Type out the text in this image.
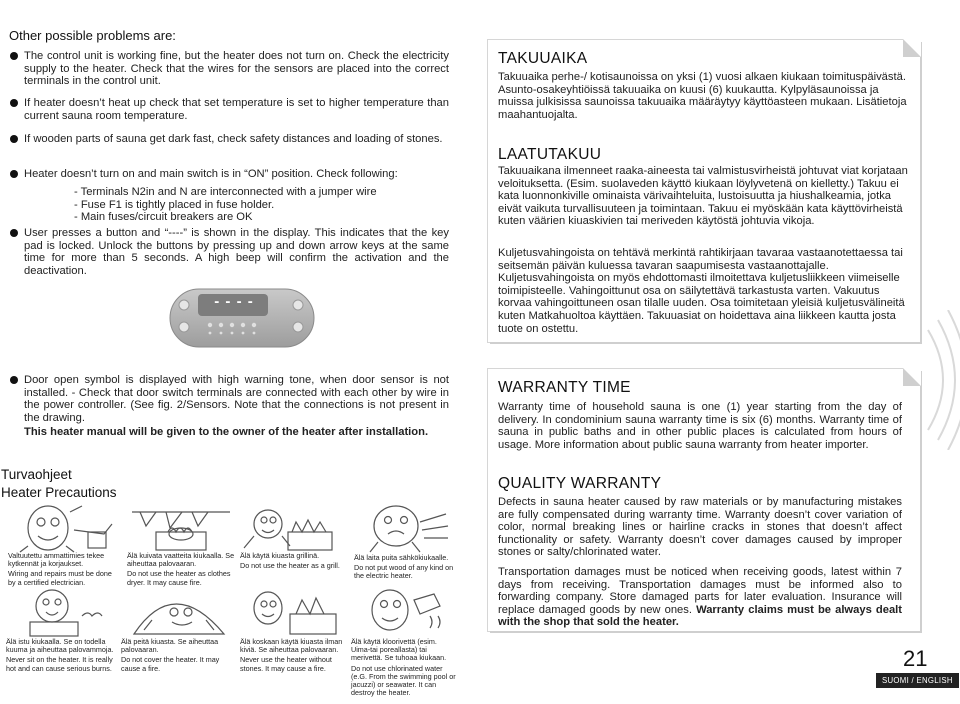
Other possible problems are:
The control unit is working fine, but the heater does not turn on. Check the electricity supply to the heater. Check that the wires for the sensors are placed into the correct terminals in the control unit.
If heater doesn’t heat up check that set temperature is set to higher temperature than current sauna room temperature.
If wooden parts of sauna get dark fast, check safety distances and loading of stones.
Heater doesn’t turn on and main switch is in “ON” position. Check following:
- Terminals N2in and N are interconnected with a jumper wire
- Fuse F1 is tightly placed in fuse holder.
- Main fuses/circuit breakers are OK
User presses a button and “----” is shown in the display. This indicates that the key pad is locked. Unlock the buttons by pressing up and down arrow keys at the same time for more than 5 seconds. A high beep will confirm the activation and the deactivation.
- - - -
Door open symbol is displayed with high warning tone, when door sensor is not installed. - Check that door switch terminals are connected with each other by wire in the power controller. (See fig. 2/Sensors. Note that the connections is not present in the drawing.
This heater manual will be given to the owner of the heater after installation.
Turvaohjeet
Heater Precautions
Valtuutettu ammattimies tekee kytkennät ja korjaukset.
Wiring and repairs must be done by a certified electrician.
Älä kuivata vaatteita kiukaalla. Se aiheuttaa palovaaran.
Do not use the heater as clothes dryer. It may cause fire.
Älä käytä kiuasta grillinä.
Do not use the heater as a grill.
Älä laita puita sähkökiukaalle.
Do not put wood of any kind on the electric heater.
Älä istu kiukaalla. Se on todella kuuma ja aiheuttaa palovammoja.
Never sit on the heater. It is really hot and can cause serious burns.
Älä peitä kiuasta. Se aiheuttaa palovaaran.
Do not cover the heater. It may cause a fire.
Älä koskaan käytä kiuasta ilman kiviä. Se aiheuttaa palovaaran.
Never use the heater without stones. It may cause a fire.
Älä käytä kloorivettä (esim. Uima-tai poreallasta) tai merivettä. Se tuhoaa kiukaan.
Do not use chlorinated water (e.G. From the swimming pool or jacuzzi) or seawater. It can destroy the heater.
TAKUUAIKA
Takuuaika perhe-/ kotisaunoissa on yksi (1) vuosi alkaen kiukaan toimituspäivästä. Asunto-osakeyhtiöissä takuuaika on kuusi (6) kuukautta. Kylpyläsaunoissa ja muissa julkisissa saunoissa takuuaika määräytyy käyttöasteen mukaan. Lisätietoja maahantuojalta.
LAATUTAKUU
Takuuaikana ilmenneet raaka-aineesta tai valmistusvirheistä johtuvat viat korjataan veloituksetta. (Esim. suolaveden käyttö kiukaan löylyvetenä on kielletty.) Takuu ei kata luonnonkiville ominaista värivaihteluita, lustoisuutta ja hiushalkeamia, jotka eivät vaikuta turvallisuuteen ja toimintaan. Takuu ei myöskään kata käyttövirheistä kuten väärien kiuaskivien tai meriveden käytöstä johtuvia vikoja.
Kuljetusvahingoista on tehtävä merkintä rahtikirjaan tavaraa vastaanotettaessa tai seitsemän päivän kuluessa tavaran saapumisesta vastaanottajalle. Kuljetusvahingoista on myös ehdottomasti ilmoitettava kuljetusliikkeen viimeiselle toimipisteelle. Vahingoittunut osa on säilytettävä tarkastusta varten. Vakuutus korvaa vahingoittuneen osan tilalle uuden. Osa toimitetaan yleisiä kuljetusvälineitä kuten Matkahuoltoa käyttäen. Takuuasiat on hoidettava aina liikkeen kautta josta tuote on ostettu.
WARRANTY TIME
Warranty time of household sauna is one (1) year starting from the day of delivery. In condominium sauna warranty time is six (6) months. Warranty time of sauna in public baths and in other public places is calculated from hours of usage. More information about public sauna warranty from heater importer.
QUALITY WARRANTY
Defects in sauna heater caused by raw materials or by manufacturing mistakes are fully compensated during warranty time. Warranty doesn’t cover variation of color, normal breaking lines or hairline cracks in stones that doesn’t affect functionality or safety. Warranty doesn’t cover damages caused by improper stones or salty/chlorinated water.
Transportation damages must be noticed when receiving goods, latest within 7 days from receiving. Transportation damages must be informed also to forwarding company. Store damaged parts for later evaluation. Insurance will replace damaged goods by new ones. Warranty claims must be always dealt with the shop that sold the heater.
21
SUOMI / ENGLISH
